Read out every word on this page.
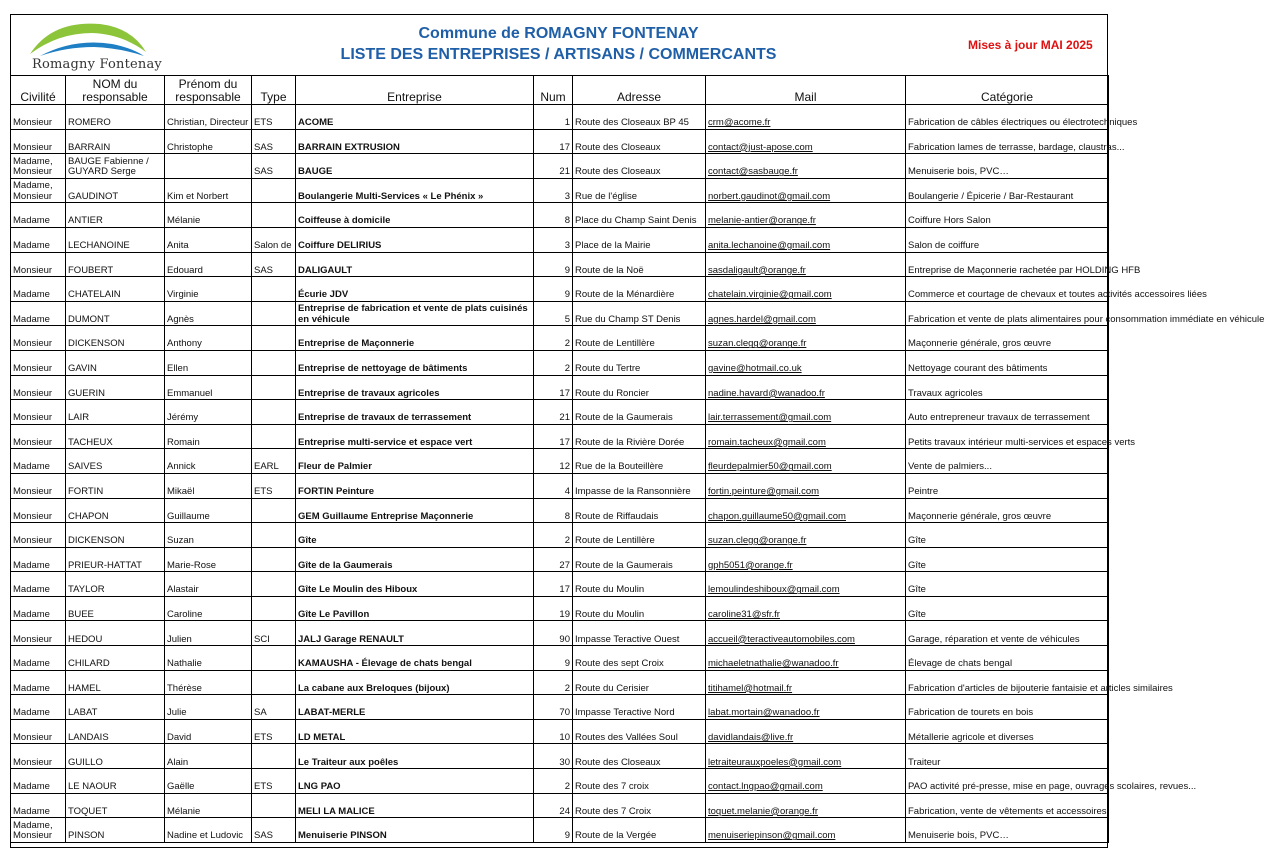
Romagny Fontenay
Commune de ROMAGNY FONTENAY
LISTE DES ENTREPRISES / ARTISANS / COMMERCANTS
Mises à jour MAI 2025
Civilité	NOM du responsable	Prénom du responsable	Type	Entreprise	Num	Adresse	Mail	Catégorie
Monsieur	ROMERO	Christian, Directeur	ETS	ACOME	1	Route des Closeaux BP 45	crm@acome.fr	Fabrication de câbles électriques ou électrotechniques
Monsieur	BARRAIN	Christophe	SAS	BARRAIN EXTRUSION	17	Route des Closeaux	contact@just-apose.com	Fabrication lames de terrasse, bardage, claustras...
Madame, Monsieur	BAUGE Fabienne / GUYARD Serge		SAS	BAUGE	21	Route des Closeaux	contact@sasbauge.fr	Menuiserie bois, PVC…
Madame, Monsieur	GAUDINOT	Kim et Norbert		Boulangerie Multi-Services « Le Phénix »	3	Rue de l'église	norbert.gaudinot@gmail.com	Boulangerie / Épicerie / Bar-Restaurant
Madame	ANTIER	Mélanie		Coiffeuse à domicile	8	Place du Champ Saint Denis	melanie-antier@orange.fr	Coiffure Hors Salon
Madame	LECHANOINE	Anita	Salon de	Coiffure DELIRIUS	3	Place de la Mairie	anita.lechanoine@gmail.com	Salon de coiffure
Monsieur	FOUBERT	Edouard	SAS	DALIGAULT	9	Route de la Noë	sasdaligault@orange.fr	Entreprise de Maçonnerie rachetée par HOLDING HFB
Madame	CHATELAIN	Virginie		Écurie JDV	9	Route de la Ménardière	chatelain.virginie@gmail.com	Commerce et courtage de chevaux et toutes activités accessoires liées
Madame	DUMONT	Agnès		Entreprise de fabrication et vente de plats cuisinés en véhicule	5	Rue du Champ ST Denis	agnes.hardel@gmail.com	Fabrication et vente de plats alimentaires pour consommation immédiate en véhicule
Monsieur	DICKENSON	Anthony		Entreprise de Maçonnerie	2	Route de Lentillère	suzan.clegg@orange.fr	Maçonnerie générale, gros œuvre
Monsieur	GAVIN	Ellen		Entreprise de nettoyage de bâtiments	2	Route du Tertre	gavine@hotmail.co.uk	Nettoyage courant des bâtiments
Monsieur	GUERIN	Emmanuel		Entreprise de travaux agricoles	17	Route du Roncier	nadine.havard@wanadoo.fr	Travaux agricoles
Monsieur	LAIR	Jérémy		Entreprise de travaux de terrassement	21	Route de la Gaumerais	lair.terrassement@gmail.com	Auto entrepreneur travaux de terrassement
Monsieur	TACHEUX	Romain		Entreprise multi-service et espace vert	17	Route de la Rivière Dorée	romain.tacheux@gmail.com	Petits travaux intérieur multi-services et espaces verts
Madame	SAIVES	Annick	EARL	Fleur de Palmier	12	Rue de la Bouteillère	fleurdepalmier50@gmail.com	Vente de palmiers...
Monsieur	FORTIN	Mikaël	ETS	FORTIN Peinture	4	Impasse de la Ransonnière	fortin.peinture@gmail.com	Peintre
Monsieur	CHAPON	Guillaume		GEM Guillaume Entreprise Maçonnerie	8	Route de Riffaudais	chapon.guillaume50@gmail.com	Maçonnerie générale, gros œuvre
Monsieur	DICKENSON	Suzan		Gîte	2	Route de Lentillère	suzan.clegg@orange.fr	Gîte
Madame	PRIEUR-HATTAT	Marie-Rose		Gîte de la Gaumerais	27	Route de la Gaumerais	gph5051@orange.fr	Gîte
Madame	TAYLOR	Alastair		Gîte Le Moulin des Hiboux	17	Route du Moulin	lemoulindeshiboux@gmail.com	Gîte
Madame	BUEE	Caroline		Gîte Le Pavillon	19	Route du Moulin	caroline31@sfr.fr	Gîte
Monsieur	HEDOU	Julien	SCI	JALJ Garage RENAULT	90	Impasse Teractive Ouest	accueil@teractiveautomobiles.com	Garage, réparation et vente de véhicules
Madame	CHILARD	Nathalie		KAMAUSHA - Élevage de chats bengal	9	Route des sept Croix	michaeletnathalie@wanadoo.fr	Élevage de chats bengal
Madame	HAMEL	Thérèse		La cabane aux Breloques (bijoux)	2	Route du Cerisier	titihamel@hotmail.fr	Fabrication d'articles de bijouterie fantaisie et articles similaires
Madame	LABAT	Julie	SA	LABAT-MERLE	70	Impasse Teractive Nord	labat.mortain@wanadoo.fr	Fabrication de tourets en bois
Monsieur	LANDAIS	David	ETS	LD METAL	10	Routes des Vallées Soul	davidlandais@live.fr	Métallerie agricole et diverses
Monsieur	GUILLO	Alain		Le Traiteur aux poêles	30	Route des Closeaux	letraiteurauxpoeles@gmail.com	Traiteur
Madame	LE NAOUR	Gaëlle	ETS	LNG PAO	2	Route des 7 croix	contact.lngpao@gmail.com	PAO activité pré-presse, mise en page, ouvrages scolaires, revues...
Madame	TOQUET	Mélanie		MELI LA MALICE	24	Route des 7 Croix	toquet.melanie@orange.fr	Fabrication, vente de vêtements et accessoires
Madame, Monsieur	PINSON	Nadine et Ludovic	SAS	Menuiserie PINSON	9	Route de la Vergée	menuiseriepinson@gmail.com	Menuiserie bois, PVC…
